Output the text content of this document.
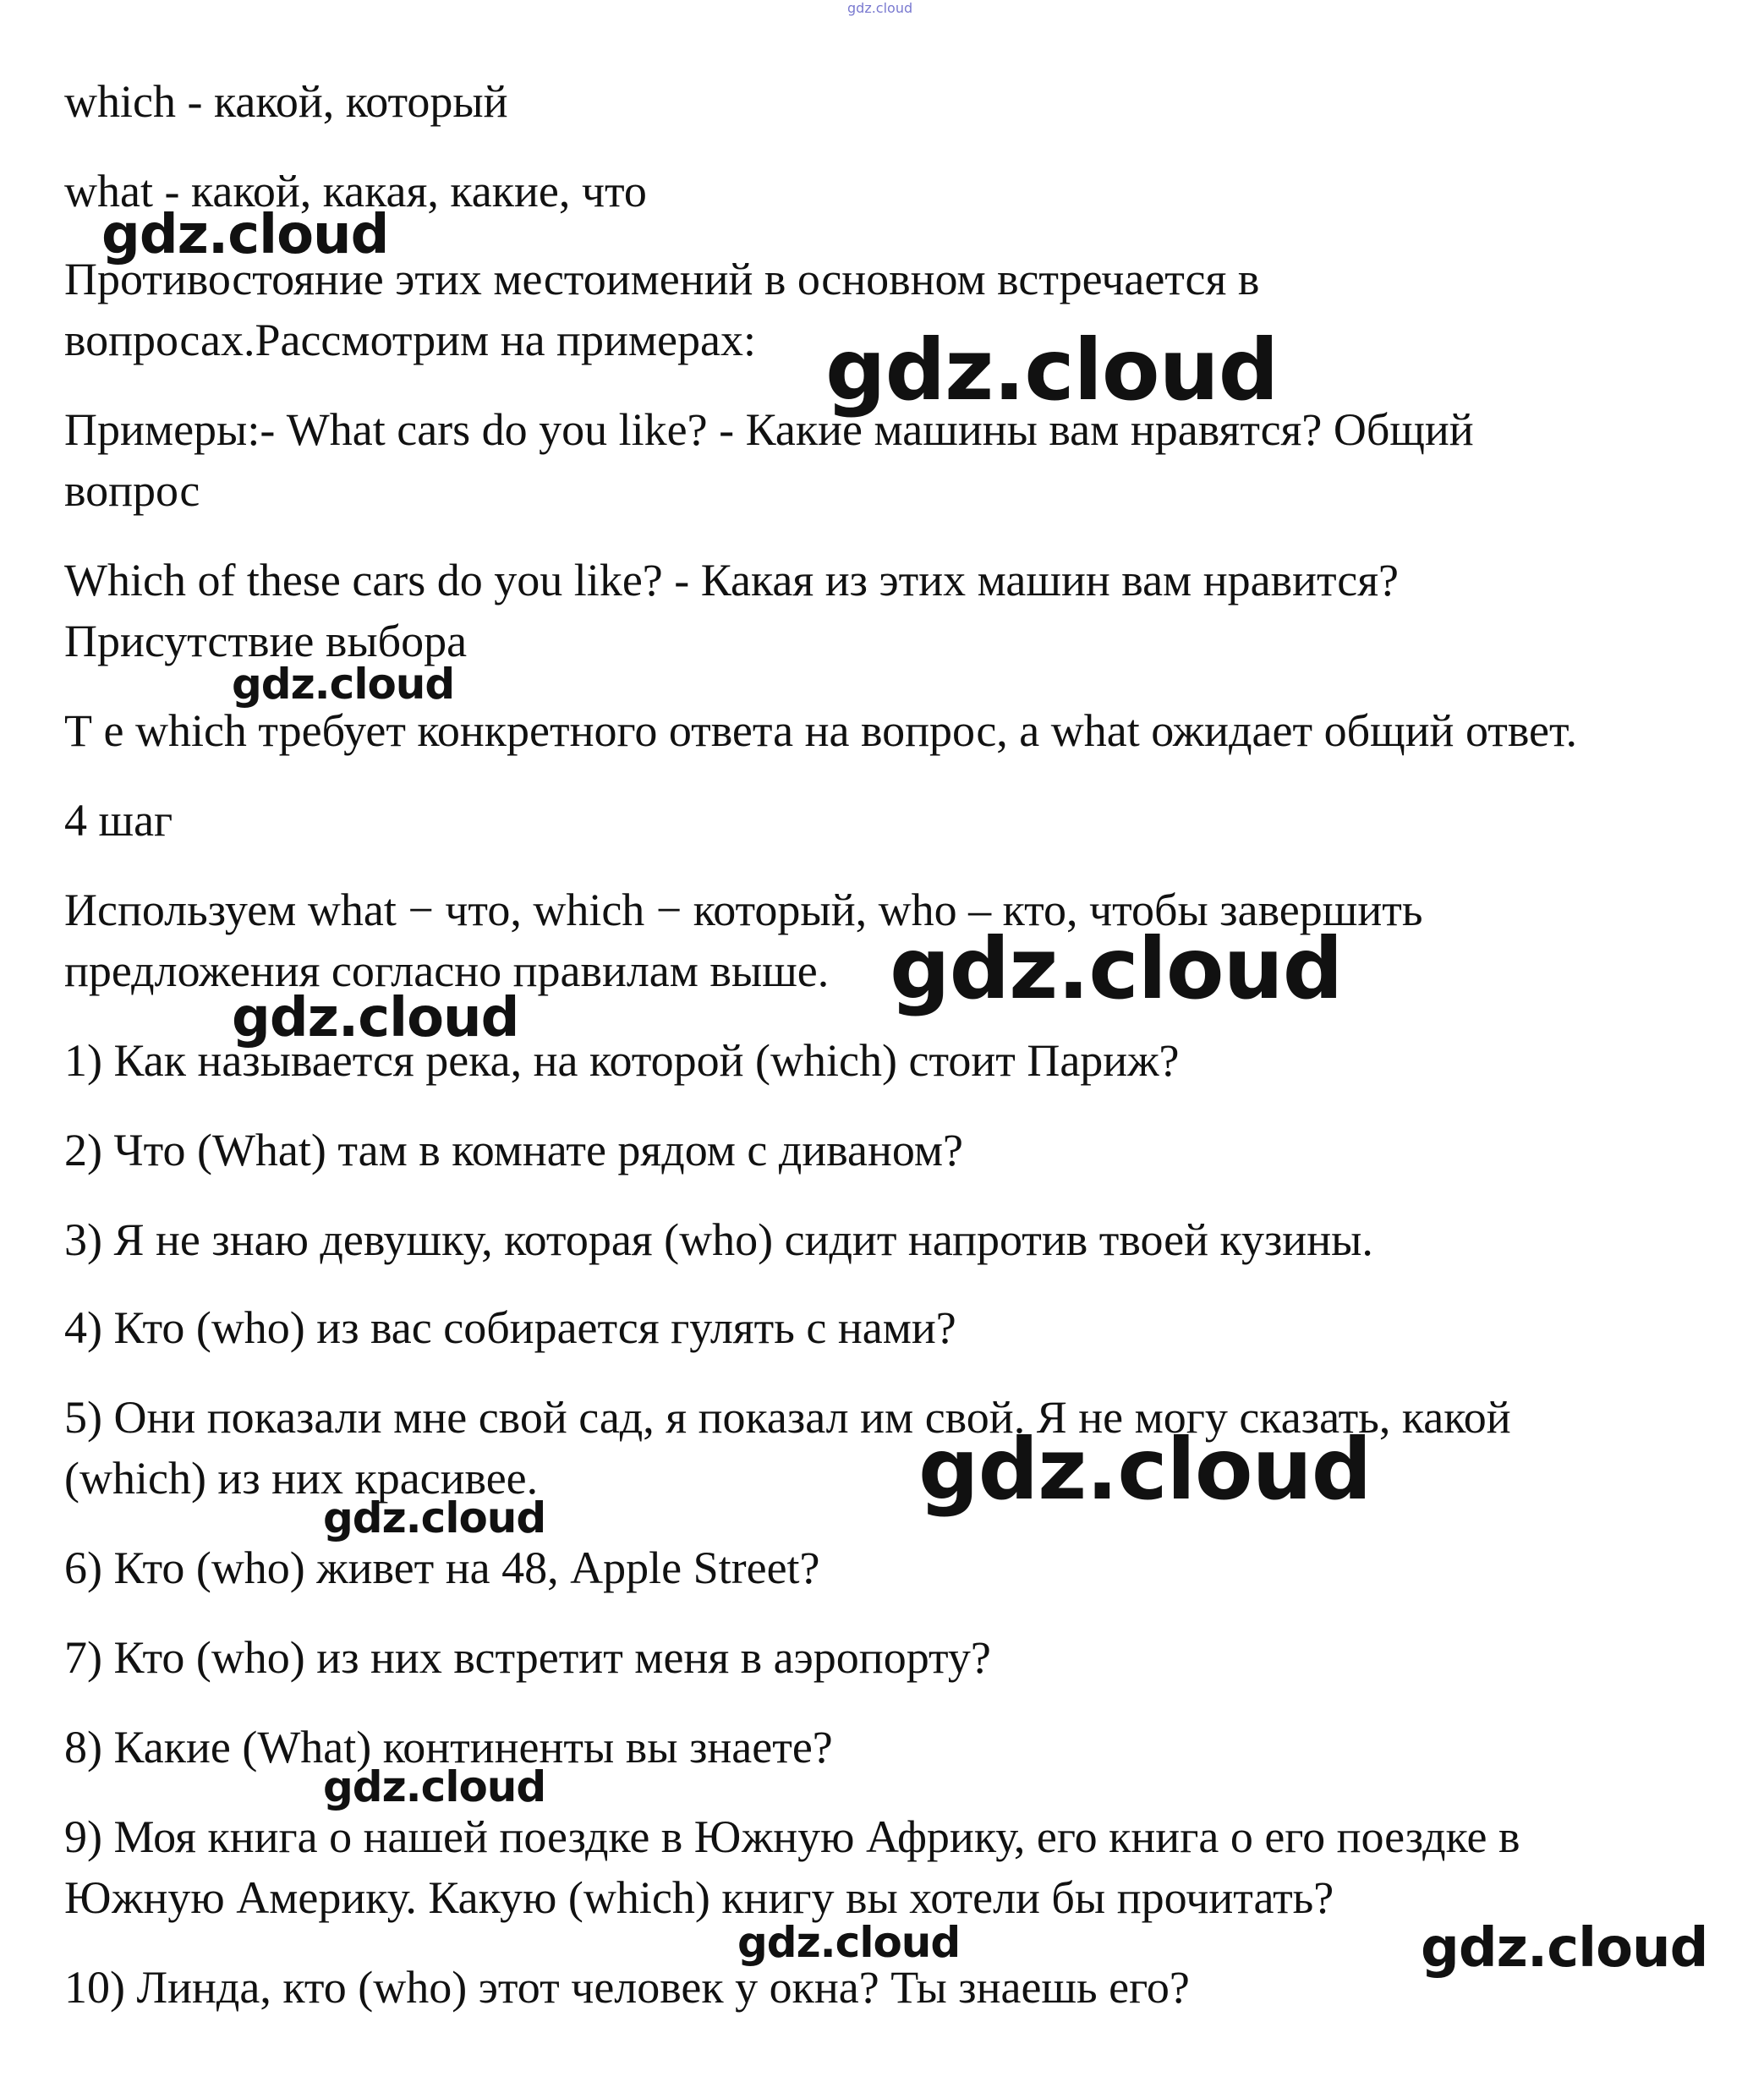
gdz.cloud

which - какой, который

what - какой, какая, какие, что

Противостояние этих местоимений в основном встречается в

вопросах.Рассмотрим на примерах:

Примеры:- What cars do you like? - Какие машины вам нравятся? Общий

вопрос

Which of these cars do you like? - Какая из этих машин вам нравится?

Присутствие выбора

Т е which требует конкретного ответа на вопрос, а what ожидает общий ответ.

4 шаг

Используем what − что, which − который, who – кто, чтобы завершить

предложения согласно правилам выше.

1) Как называется река, на которой (which) стоит Париж?

2) Что (What) там в комнате рядом с диваном?

3) Я не знаю девушку, которая (who) сидит напротив твоей кузины.

4) Кто (who) из вас собирается гулять с нами?

5) Они показали мне свой сад, я показал им свой. Я не могу сказать, какой

(which) из них красивее.

6) Кто (who) живет на 48, Apple Street?

7) Кто (who) из них встретит меня в аэропорту?

8) Какие (What) континенты вы знаете?

9) Моя книга о нашей поездке в Южную Африку, его книга о его поездке в

Южную Америку. Какую (which) книгу вы хотели бы прочитать?

10) Линда, кто (who) этот человек у окна? Ты знаешь его?

gdz.cloud
gdz.cloud
gdz.cloud
gdz.cloud
gdz.cloud
gdz.cloud
gdz.cloud
gdz.cloud
gdz.cloud	gdz.cloud
